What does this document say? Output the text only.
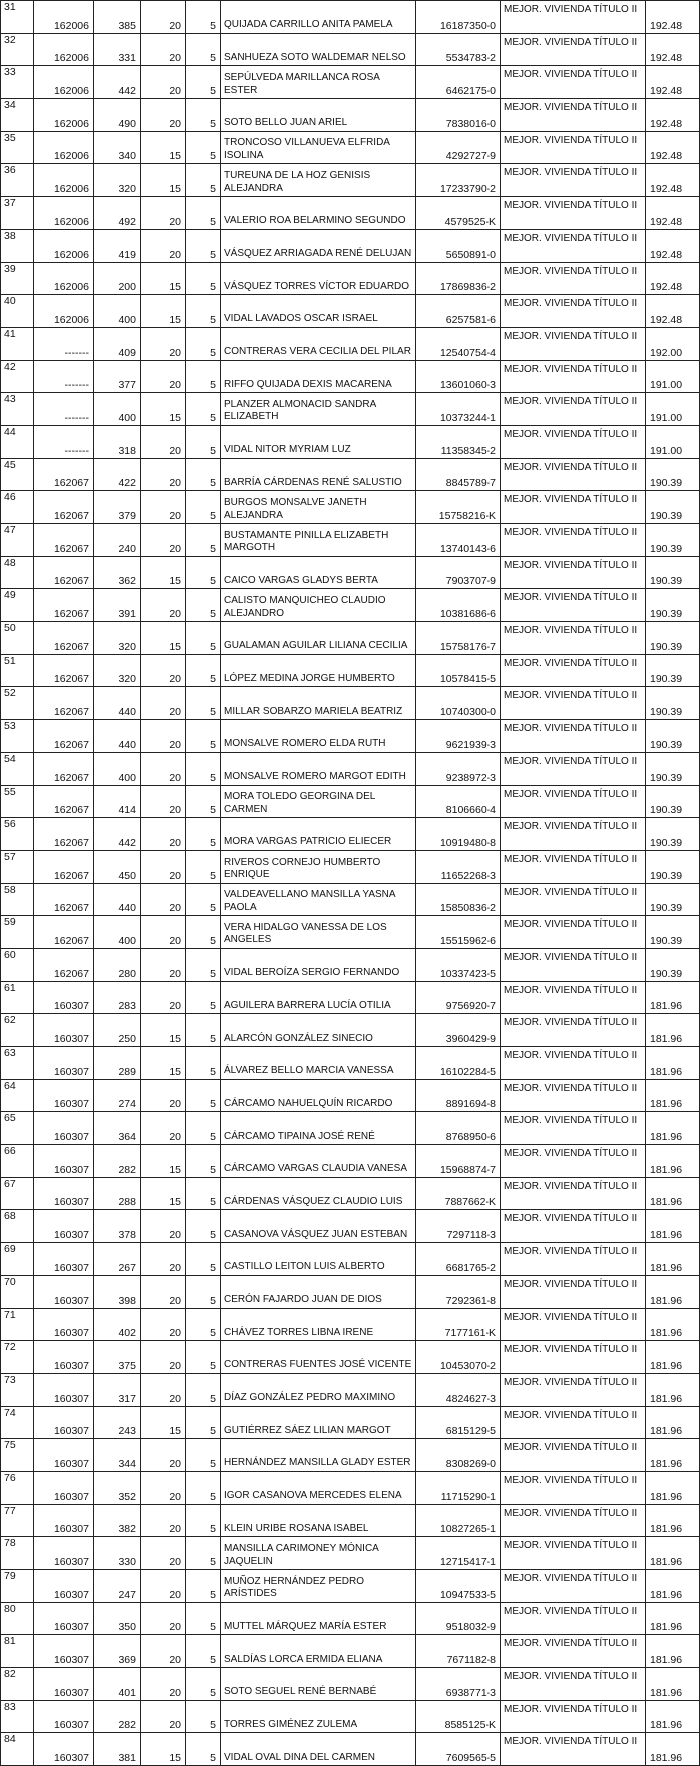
31	162006	385	20	5	QUIJADA CARRILLO ANITA PAMELA	16187350-0	MEJOR. VIVIENDA TÍTULO II	192.48
32	162006	331	20	5	SANHUEZA SOTO WALDEMAR NELSO	5534783-2	MEJOR. VIVIENDA TÍTULO II	192.48
33	162006	442	20	5	SEPÚLVEDA MARILLANCA ROSA ESTER	6462175-0	MEJOR. VIVIENDA TÍTULO II	192.48
34	162006	490	20	5	SOTO BELLO JUAN ARIEL	7838016-0	MEJOR. VIVIENDA TÍTULO II	192.48
35	162006	340	15	5	TRONCOSO VILLANUEVA ELFRIDA ISOLINA	4292727-9	MEJOR. VIVIENDA TÍTULO II	192.48
36	162006	320	15	5	TUREUNA DE LA HOZ GENISIS ALEJANDRA	17233790-2	MEJOR. VIVIENDA TÍTULO II	192.48
37	162006	492	20	5	VALERIO ROA BELARMINO SEGUNDO	4579525-K	MEJOR. VIVIENDA TÍTULO II	192.48
38	162006	419	20	5	VÁSQUEZ ARRIAGADA RENÉ DELUJAN	5650891-0	MEJOR. VIVIENDA TÍTULO II	192.48
39	162006	200	15	5	VÁSQUEZ TORRES VÍCTOR EDUARDO	17869836-2	MEJOR. VIVIENDA TÍTULO II	192.48
40	162006	400	15	5	VIDAL LAVADOS OSCAR ISRAEL	6257581-6	MEJOR. VIVIENDA TÍTULO II	192.48
41	-------	409	20	5	CONTRERAS VERA CECILIA DEL PILAR	12540754-4	MEJOR. VIVIENDA TÍTULO II	192.00
42	-------	377	20	5	RIFFO QUIJADA DEXIS MACARENA	13601060-3	MEJOR. VIVIENDA TÍTULO II	191.00
43	-------	400	15	5	PLANZER ALMONACID SANDRA ELIZABETH	10373244-1	MEJOR. VIVIENDA TÍTULO II	191.00
44	-------	318	20	5	VIDAL NITOR MYRIAM LUZ	11358345-2	MEJOR. VIVIENDA TÍTULO II	191.00
45	162067	422	20	5	BARRÍA CÁRDENAS RENÉ SALUSTIO	8845789-7	MEJOR. VIVIENDA TÍTULO II	190.39
46	162067	379	20	5	BURGOS MONSALVE JANETH ALEJANDRA	15758216-K	MEJOR. VIVIENDA TÍTULO II	190.39
47	162067	240	20	5	BUSTAMANTE PINILLA ELIZABETH MARGOTH	13740143-6	MEJOR. VIVIENDA TÍTULO II	190.39
48	162067	362	15	5	CAICO VARGAS GLADYS BERTA	7903707-9	MEJOR. VIVIENDA TÍTULO II	190.39
49	162067	391	20	5	CALISTO MANQUICHEO CLAUDIO ALEJANDRO	10381686-6	MEJOR. VIVIENDA TÍTULO II	190.39
50	162067	320	15	5	GUALAMAN AGUILAR LILIANA CECILIA	15758176-7	MEJOR. VIVIENDA TÍTULO II	190.39
51	162067	320	20	5	LÓPEZ MEDINA JORGE HUMBERTO	10578415-5	MEJOR. VIVIENDA TÍTULO II	190.39
52	162067	440	20	5	MILLAR SOBARZO MARIELA BEATRIZ	10740300-0	MEJOR. VIVIENDA TÍTULO II	190.39
53	162067	440	20	5	MONSALVE ROMERO ELDA RUTH	9621939-3	MEJOR. VIVIENDA TÍTULO II	190.39
54	162067	400	20	5	MONSALVE ROMERO MARGOT EDITH	9238972-3	MEJOR. VIVIENDA TÍTULO II	190.39
55	162067	414	20	5	MORA TOLEDO GEORGINA DEL CARMEN	8106660-4	MEJOR. VIVIENDA TÍTULO II	190.39
56	162067	442	20	5	MORA VARGAS PATRICIO ELIECER	10919480-8	MEJOR. VIVIENDA TÍTULO II	190.39
57	162067	450	20	5	RIVEROS CORNEJO HUMBERTO ENRIQUE	11652268-3	MEJOR. VIVIENDA TÍTULO II	190.39
58	162067	440	20	5	VALDEAVELLANO MANSILLA YASNA PAOLA	15850836-2	MEJOR. VIVIENDA TÍTULO II	190.39
59	162067	400	20	5	VERA HIDALGO VANESSA DE LOS ANGELES	15515962-6	MEJOR. VIVIENDA TÍTULO II	190.39
60	162067	280	20	5	VIDAL BEROÍZA SERGIO FERNANDO	10337423-5	MEJOR. VIVIENDA TÍTULO II	190.39
61	160307	283	20	5	AGUILERA BARRERA LUCÍA OTILIA	9756920-7	MEJOR. VIVIENDA TÍTULO II	181.96
62	160307	250	15	5	ALARCÓN GONZÁLEZ SINECIO	3960429-9	MEJOR. VIVIENDA TÍTULO II	181.96
63	160307	289	15	5	ÁLVAREZ BELLO MARCIA VANESSA	16102284-5	MEJOR. VIVIENDA TÍTULO II	181.96
64	160307	274	20	5	CÁRCAMO NAHUELQUÍN RICARDO	8891694-8	MEJOR. VIVIENDA TÍTULO II	181.96
65	160307	364	20	5	CÁRCAMO TIPAINA JOSÉ RENÉ	8768950-6	MEJOR. VIVIENDA TÍTULO II	181.96
66	160307	282	15	5	CÁRCAMO VARGAS CLAUDIA VANESA	15968874-7	MEJOR. VIVIENDA TÍTULO II	181.96
67	160307	288	15	5	CÁRDENAS VÁSQUEZ CLAUDIO LUIS	7887662-K	MEJOR. VIVIENDA TÍTULO II	181.96
68	160307	378	20	5	CASANOVA VÁSQUEZ JUAN ESTEBAN	7297118-3	MEJOR. VIVIENDA TÍTULO II	181.96
69	160307	267	20	5	CASTILLO LEITON LUIS ALBERTO	6681765-2	MEJOR. VIVIENDA TÍTULO II	181.96
70	160307	398	20	5	CERÓN FAJARDO JUAN DE DIOS	7292361-8	MEJOR. VIVIENDA TÍTULO II	181.96
71	160307	402	20	5	CHÁVEZ TORRES LIBNA IRENE	7177161-K	MEJOR. VIVIENDA TÍTULO II	181.96
72	160307	375	20	5	CONTRERAS FUENTES JOSÉ VICENTE	10453070-2	MEJOR. VIVIENDA TÍTULO II	181.96
73	160307	317	20	5	DÍAZ GONZÁLEZ PEDRO MAXIMINO	4824627-3	MEJOR. VIVIENDA TÍTULO II	181.96
74	160307	243	15	5	GUTIÉRREZ SÁEZ LILIAN MARGOT	6815129-5	MEJOR. VIVIENDA TÍTULO II	181.96
75	160307	344	20	5	HERNÁNDEZ MANSILLA GLADY ESTER	8308269-0	MEJOR. VIVIENDA TÍTULO II	181.96
76	160307	352	20	5	IGOR CASANOVA MERCEDES ELENA	11715290-1	MEJOR. VIVIENDA TÍTULO II	181.96
77	160307	382	20	5	KLEIN URIBE ROSANA ISABEL	10827265-1	MEJOR. VIVIENDA TÍTULO II	181.96
78	160307	330	20	5	MANSILLA CARIMONEY MÓNICA JAQUELIN	12715417-1	MEJOR. VIVIENDA TÍTULO II	181.96
79	160307	247	20	5	MUÑOZ HERNÁNDEZ PEDRO ARÍSTIDES	10947533-5	MEJOR. VIVIENDA TÍTULO II	181.96
80	160307	350	20	5	MUTTEL MÁRQUEZ MARÍA ESTER	9518032-9	MEJOR. VIVIENDA TÍTULO II	181.96
81	160307	369	20	5	SALDÍAS LORCA ERMIDA ELIANA	7671182-8	MEJOR. VIVIENDA TÍTULO II	181.96
82	160307	401	20	5	SOTO SEGUEL RENÉ BERNABÉ	6938771-3	MEJOR. VIVIENDA TÍTULO II	181.96
83	160307	282	20	5	TORRES GIMÉNEZ ZULEMA	8585125-K	MEJOR. VIVIENDA TÍTULO II	181.96
84	160307	381	15	5	VIDAL OVAL DINA DEL CARMEN	7609565-5	MEJOR. VIVIENDA TÍTULO II	181.96
